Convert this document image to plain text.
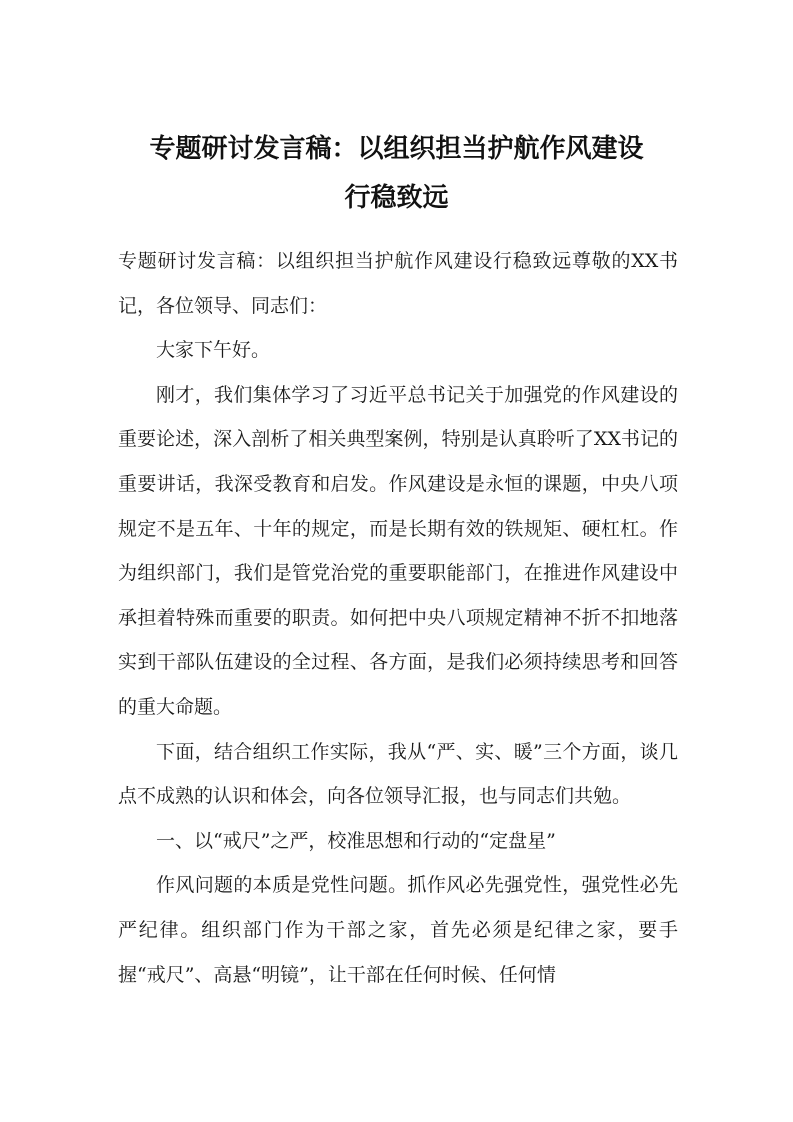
专题研讨发言稿：以组织担当护航作风建设
行稳致远

专题研讨发言稿：以组织担当护航作风建设行稳致远尊敬的XX书记，各位领导、同志们：

大家下午好。

刚才，我们集体学习了习近平总书记关于加强党的作风建设的重要论述，深入剖析了相关典型案例，特别是认真聆听了XX书记的重要讲话，我深受教育和启发。作风建设是永恒的课题，中央八项规定不是五年、十年的规定，而是长期有效的铁规矩、硬杠杠。作为组织部门，我们是管党治党的重要职能部门，在推进作风建设中承担着特殊而重要的职责。如何把中央八项规定精神不折不扣地落实到干部队伍建设的全过程、各方面，是我们必须持续思考和回答的重大命题。

下面，结合组织工作实际，我从“严、实、暖”三个方面，谈几点不成熟的认识和体会，向各位领导汇报，也与同志们共勉。

一、以“戒尺”之严，校准思想和行动的“定盘星”

作风问题的本质是党性问题。抓作风必先强党性，强党性必先严纪律。组织部门作为干部之家，首先必须是纪律之家，要手握“戒尺”、高悬“明镜”，让干部在任何时候、任何情
